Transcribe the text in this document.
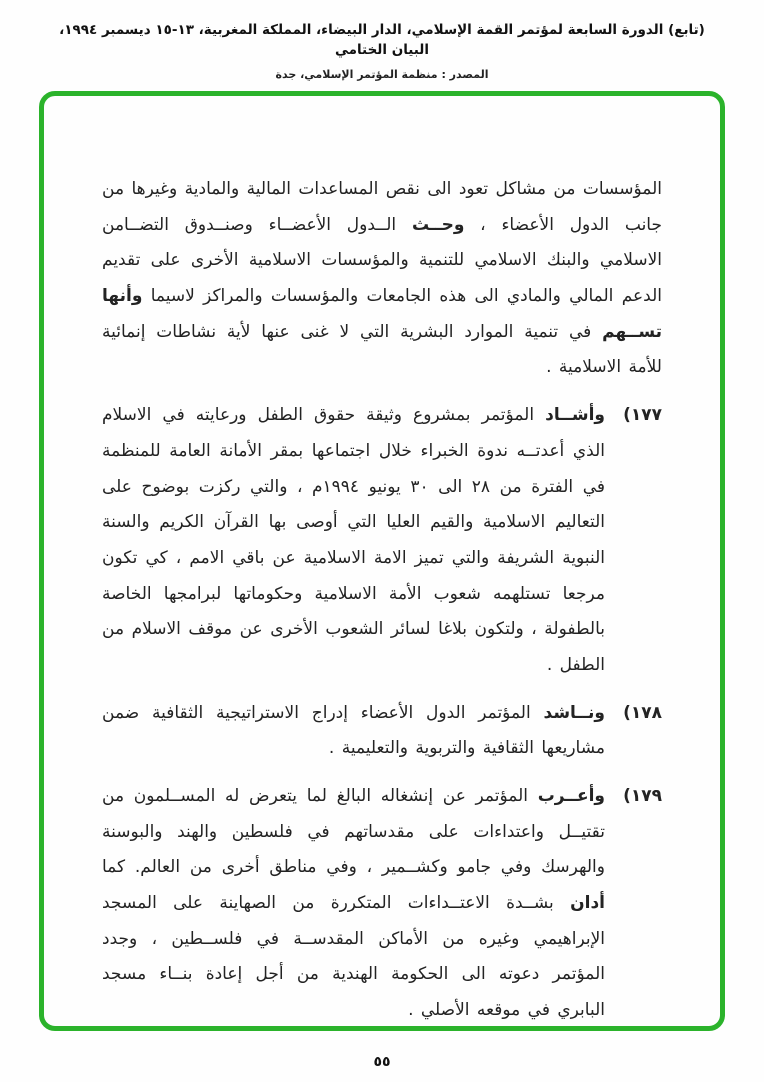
(تابع) الدورة السابعة لمؤتمر القمة الإسلامي، الدار البيضاء، المملكة المغربية، ١٣-١٥ ديسمبر ١٩٩٤، البيان الختامي
المصدر : منظمة المؤتمر الإسلامي، جدة

المؤسسات من مشاكل تعود الى نقص المساعدات المالية والمادية وغيرها من جانب الدول الأعضاء ، وحــث الــدول الأعضــاء وصنــدوق التضــامن الاسلامي والبنك الاسلامي للتنمية والمؤسسات الاسلامية الأخرى على تقديم الدعم المالي والمادي الى هذه الجامعات والمؤسسات والمراكز لاسيما وأنها تســهم في تنمية الموارد البشرية التي لا غنى عنها لأية نشاطات إنمائية للأمة الاسلامية .

١٧٧)

وأشــاد المؤتمر بمشروع وثيقة حقوق الطفل ورعايته في الاسلام الذي أعدتــه ندوة الخبراء خلال اجتماعها بمقر الأمانة العامة للمنظمة في الفترة من ٢٨ الى ٣٠ يونيو ١٩٩٤م ، والتي ركزت بوضوح على التعاليم الاسلامية والقيم العليا التي أوصى بها القرآن الكريم والسنة النبوية الشريفة والتي تميز الامة الاسلامية عن باقي الامم ، كي تكون مرجعا تستلهمه شعوب الأمة الاسلامية وحكوماتها لبرامجها الخاصة بالطفولة ، ولتكون بلاغا لسائر الشعوب الأخرى عن موقف الاسلام من الطفل .

١٧٨)

ونــاشد المؤتمر الدول الأعضاء إدراج الاستراتيجية الثقافية ضمن مشاريعها الثقافية والتربوية والتعليمية .

١٧٩)

وأعــرب المؤتمر عن إنشغاله البالغ لما يتعرض له المســلمون من تقتيــل واعتداءات على مقدساتهم في فلسطين والهند والبوسنة والهرسك وفي جامو وكشــمير ، وفي مناطق أخرى من العالم. كما أدان بشــدة الاعتــداءات المتكررة من الصهاينة على المسجد الإبراهيمي وغيره من الأماكن المقدســة في فلســطين ، وجدد المؤتمر دعوته الى الحكومة الهندية من أجل إعادة بنــاء مسجد البابري في موقعه الأصلي .

٥٥
